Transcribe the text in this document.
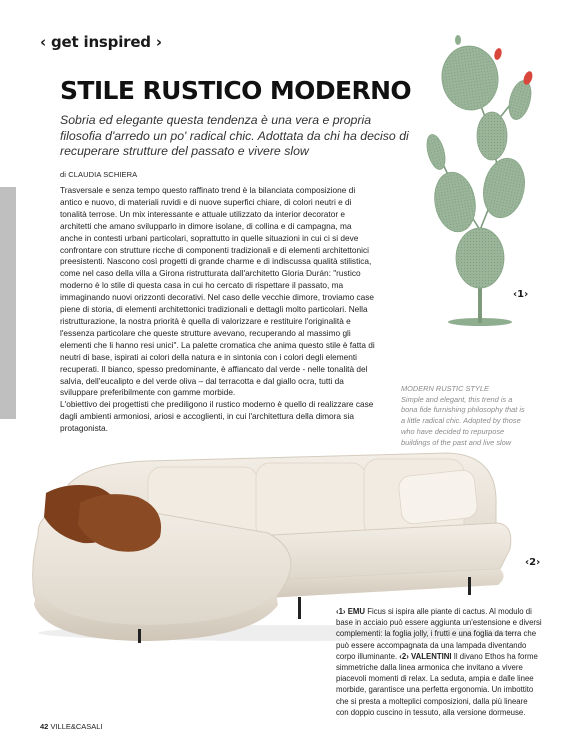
‹ get inspired ›
STILE RUSTICO MODERNO

Sobria ed elegante questa tendenza è una vera e propria filosofia d'arredo un po' radical chic. Adottata da chi ha deciso di recuperare strutture del passato e vivere slow

di CLAUDIA SCHIERA

Trasversale e senza tempo questo raffinato trend è la bilanciata composizione di antico e nuovo, di materiali ruvidi e di nuove superfici chiare, di colori neutri e di tonalità terrose. Un mix interessante e attuale utilizzato da interior decorator e architetti che amano svilupparlo in dimore isolane, di collina e di campagna, ma anche in contesti urbani particolari, soprattutto in quelle situazioni in cui ci si deve confrontare con strutture ricche di componenti tradizionali e di elementi architettonici preesistenti. Nascono così progetti di grande charme e di indiscussa qualità stilistica, come nel caso della villa a Girona ristrutturata dall'architetto Gloria Durán: "rustico moderno è lo stile di questa casa in cui ho cercato di rispettare il passato, ma immaginando nuovi orizzonti decorativi. Nel caso delle vecchie dimore, troviamo case piene di storia, di elementi architettonici tradizionali e dettagli molto particolari. Nella ristrutturazione, la nostra priorità è quella di valorizzare e restituire l'originalità e l'essenza particolare che queste strutture avevano, recuperando al massimo gli elementi che li hanno resi unici". La palette cromatica che anima questo stile è fatta di neutri di base, ispirati ai colori della natura e in sintonia con i colori degli elementi recuperati. Il bianco, spesso predominante, è affiancato dal verde - nelle tonalità del salvia, dell'eucalipto e del verde oliva – dal terracotta e dal giallo ocra, tutti da sviluppare preferibilmente con gamme morbide.

L'obiettivo dei progettisti che prediligono il rustico moderno è quello di realizzare case dagli ambienti armoniosi, ariosi e accoglienti, in cui l'architettura della dimora sia protagonista.

‹1›
MODERN RUSTIC STYLE
Simple and elegant, this trend is a bona fide furnishing philosophy that is a little radical chic. Adopted by those who have decided to repurpose buildings of the past and live slow
‹2›
‹1› EMU Ficus si ispira alle piante di cactus. Al modulo di base in acciaio può essere aggiunta un'estensione e diversi complementi: la foglia jolly, i frutti e una foglia da terra che può essere accompagnata da una lampada diventando corpo illuminante. ‹2› VALENTINI Il divano Ethos ha forme simmetriche dalla linea armonica che invitano a vivere piacevoli momenti di relax. La seduta, ampia e dalle linee morbide, garantisce una perfetta ergonomia. Un imbottito che si presta a molteplici composizioni, dalla più lineare con doppio cuscino in tessuto, alla versione dormeuse.
42 VILLE&CASALI
